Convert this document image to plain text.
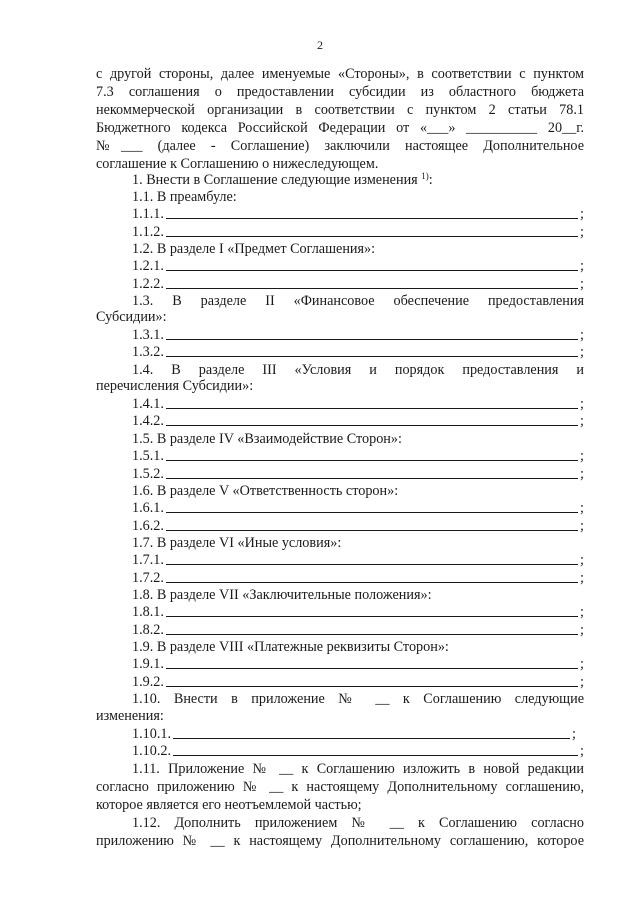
2
с другой стороны, далее именуемые «Стороны», в соответствии с пунктом
7.3 соглашения о предоставлении субсидии из областного бюджета
некоммерческой организации в соответствии с пунктом 2 статьи 78.1
Бюджетного кодекса Российской Федерации от «___» __________ 20__г.
№___ (далее - Соглашение) заключили настоящее Дополнительное
соглашение к Соглашению о нижеследующем.
1. Внести в Соглашение следующие изменения $^{1)}$:
1.1. В преамбуле:
1.1.1.	;
1.1.2.	;
1.2. В разделе I «Предмет Соглашения»:
1.2.1.	;
1.2.2.	;
1.3. В разделе II «Финансовое обеспечение предоставления
Субсидии»:
1.3.1.	;
1.3.2.	;
1.4. В разделе III «Условия и порядок предоставления и
перечисления Субсидии»:
1.4.1.	;
1.4.2.	;
1.5. В разделе IV «Взаимодействие Сторон»:
1.5.1.	;
1.5.2.	;
1.6. В разделе V «Ответственность сторон»:
1.6.1.	;
1.6.2.	;
1.7. В разделе VI «Иные условия»:
1.7.1.	;
1.7.2.	;
1.8. В разделе VII «Заключительные положения»:
1.8.1.	;
1.8.2.	;
1.9. В разделе VIII «Платежные реквизиты Сторон»:
1.9.1.	;
1.9.2.	;
1.10. Внести в приложение № __ к Соглашению следующие
изменения:
1.10.1.	;
1.10.2.	;
1.11. Приложение № __ к Соглашению изложить в новой редакции
согласно приложению № __ к настоящему Дополнительному соглашению,
которое является его неотъемлемой частью;
1.12. Дополнить приложением № __ к Соглашению согласно
приложению № __ к настоящему Дополнительному соглашению, которое
